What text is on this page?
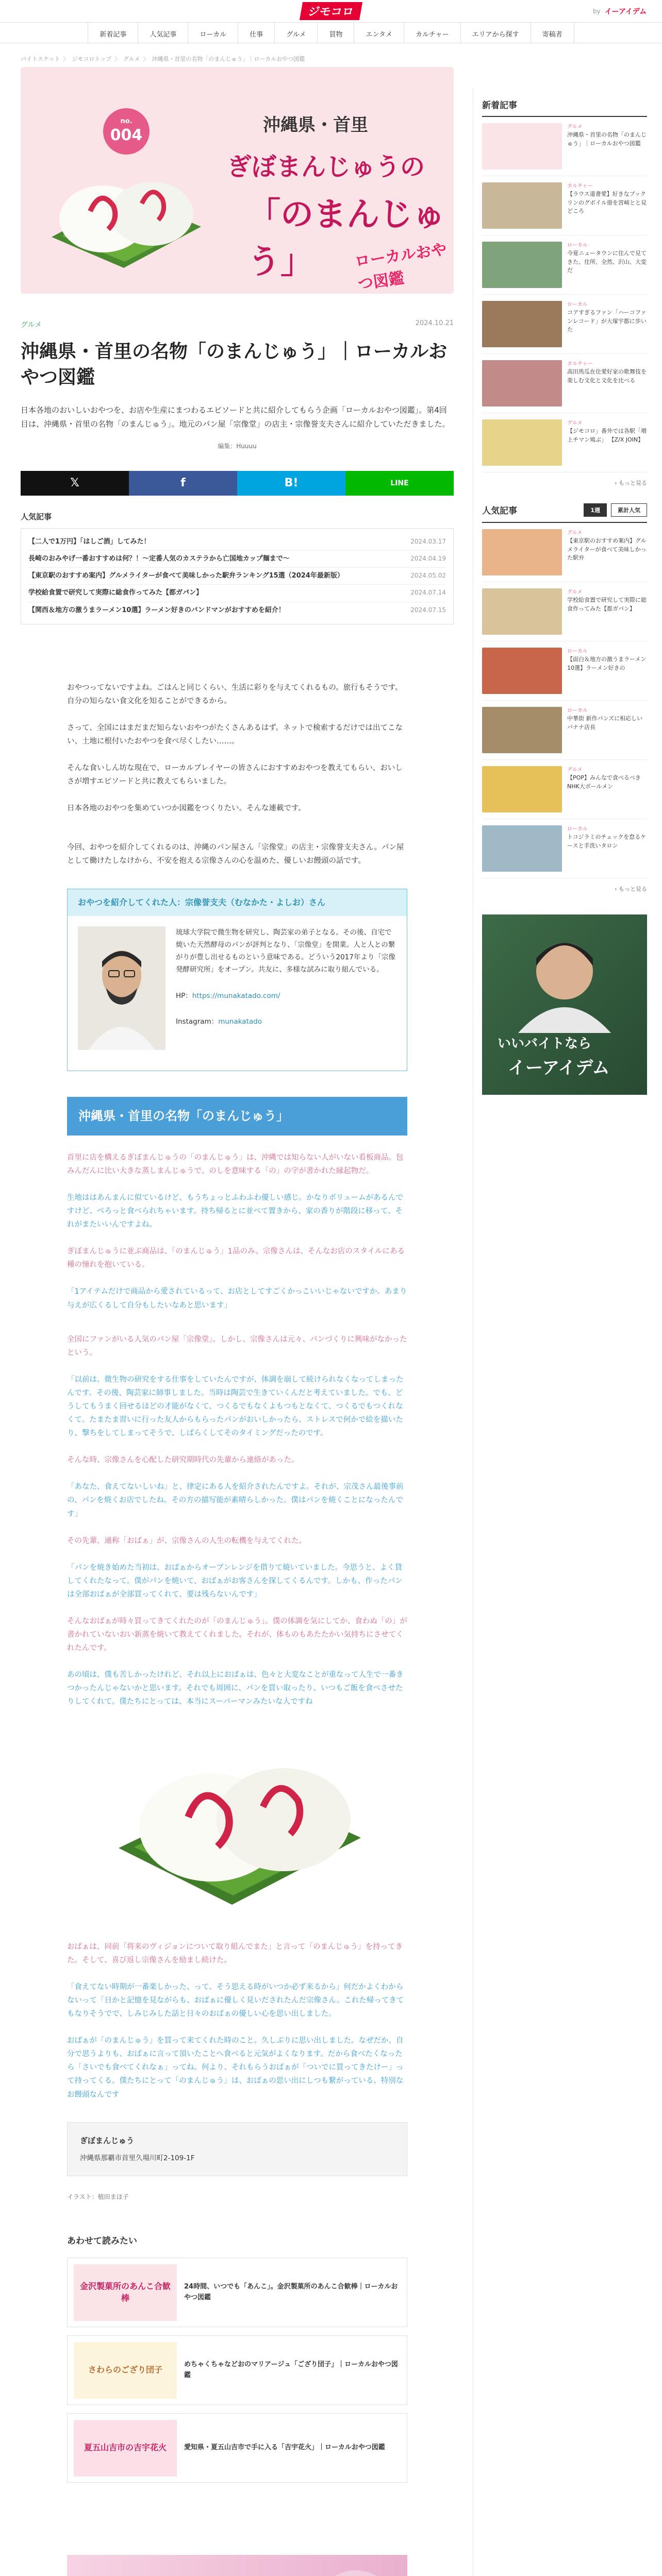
ジモコロ	by イーアイデム
新着記事	人気記事	ローカル	仕事	グルメ	買物	エンタメ	カルチャー	エリアから探す	寄稿者
バイトスケット 〉 ジモコロトップ 〉 グルメ 〉 沖縄県・首里の名物「のまんじゅう」｜ローカルおやつ図鑑
no.
004	沖縄県・首里
ぎぼまんじゅうの
「のまんじゅう」	ローカルおやつ図鑑
グルメ	2024.10.21
沖縄県・首里の名物「のまんじゅう」｜ローカルおやつ図鑑

日本各地のおいしいおやつを、お店や生産にまつわるエピソードと共に紹介してもらう企画「ローカルおやつ図鑑」。第4回目は、沖縄県・首里の名物「のまんじゅう」。地元のパン屋「宗像堂」の店主・宗像誉支夫さんに紹介していただきました。

編集：Huuuu

𝕏	f	B!	LINE
人気記事
【二人で1万円】「はしご酒」してみた！	2024.03.17
長崎のおみやげ一番おすすめは何？！～定番人気のカステラから亡国地カップ麺まで～	2024.04.19
【東京駅のおすすめ案内】グルメライターが食べて美味しかった駅弁ランキング15選（2024年最新版）	2024.05.02
学校給食置で研究して実際に総食作ってみた【都ガパン】	2024.07.14
【関西＆地方の激うまラーメン10選】ラーメン好きのバンドマンがおすすめを紹介！	2024.07.15

おやつってないですよね。ごはんと同じくらい、生活に彩りを与えてくれるもの。旅行もそうです。自分の知らない食文化を知ることができるから。

さって、全国にはまだまだ知らないおやつがたくさんあるはず。ネットで検索するだけでは出てこない、土地に根付いたおやつを食べ尽くしたい……。

そんな食いしん坊な現在で、ローカルプレイヤーの皆さんにおすすめおやつを教えてもらい、おいしさが増すエピソードと共に教えてもらいました。

日本各地のおやつを集めていつか図鑑をつくりたい。そんな連載です。

今回、おやつを紹介してくれるのは、沖縄のパン屋さん「宗像堂」の店主・宗像誉支夫さん。パン屋として働けたしなけから、不安を抱える宗像さんの心を温めた、優しいお饅頭の話です。

おやつを紹介してくれた人：宗像誉支夫（むなかた・よしお）さん

琉球大学院で微生物を研究し、陶芸家の弟子となる。その後、自宅で焼いた天然酵母のパンが評判となり、「宗像堂」を開業。人と人との繋がりが豊し出せるものという意味である。どういう2017年より「宗像発酵研究所」をオープン。共友に、多様な試みに取り組んでいる。

HP：https://munakatado.com/

Instagram：munakatado

沖縄県・首里の名物「のまんじゅう」

首里に店を構えるぎぼまんじゅうの「のまんじゅう」は、沖縄では知らない人がいない看板商品。包みんだんに比い大きな蒸しまんじゅうで、のしを意味する「の」の字が書かれた縁起物だ。

生地ははあんまんに似ているけど、もうちょっとふわふわ優しい感じ。かなりボリュームがあるんですけど、ぺろっと食べられちゃいます。持ち帰るとに並べて置きから、家の香りが階段に移って、それがまたいいんですよね。

ぎぼまんじゅうに並ぶ商品は、「のまんじゅう」1品のみ。宗像さんは、そんなお店のスタイルにある種の憧れを抱いている。

「1アイテムだけで商品から愛されているって、お店としてすごくかっこいいじゃないですか。あまり与えが広くるして自分もしたいなあと思います」

全国にファンがいる人気のパン屋「宗像堂」。しかし、宗像さんは元々、パンづくりに興味がなかったという。

「以前は、微生物の研究をする仕事をしていたんですが、体調を崩して続けられなくなってしまったんです。その後、陶芸家に師事しました。当時は陶芸で生きていくんだと考えていました。でも、どうしてもうまく回せるほどの才能がなくて、つくるでもなくよもつもとなくて、つくるでもつくれなくて。たまたま習いに行った友人からもらったパンがおいしかったら、ストレスで何かで絵を描いたり、撃ちをしてしまってそうで、しばらくしてそのタイミングだったのです。

そんな時、宗像さんを心配した研究期時代の先輩から連絡があった。

「あなた、食えてないしいね」と、律定にある人を紹介されたんですよ。それが、宗茂さん最後事前の、パンを焼くお店でしたね。その方の描写能が素晴らしかった。僕はパンを焼くことになったんです」

その先輩、通称「おばぁ」が、宗像さんの人生の転機を与えてくれた。

「パンを焼き始めた当初は、おばぁからオーブンレンジを借りて焼いていました。今思うと、よく貸してくれたなって。僕がパンを焼いて、おばぁがお客さんを探してくるんです。しかも、作ったパンは全部おばぁが全部買ってくれて、要は残らないんです」

そんなおばぁが時々買ってきてくれたのが「のまんじゅう」。僕の体調を気にしてか、食わぬ「の」が書かれていないおい新蒸を焼いて教えてくれました。それが、体ものもあたたかい気持ちにさせてくれたんです。

あの頃は、僕も苦しかったけれど、それ以上におばぁは、色々と大変なことが重なって人生で一番きつかったんじゃないかと思います。それでも周囲に、パンを買い取ったり、いつもご飯を食べさせたりしてくれて。僕たちにとっては、本当にスーパーマンみたいな人ですね

おばぁは、同前「将来のヴィジョンについて取り組んでまた」と言って「のまんじゅう」を持ってきた。そして、喜び返し宗像さんを励まし続けた。

「食えてない時期が一番楽しかった、って、そう思える時がいつか必ず来るから」何だかよくわからないって「日かと記憶を見ながらも、おばぁに優しく見いだされたんだ宗像さん。これた帰ってきてもなりそうでで、しみじみした話と日々のおばぁの優しい心を思い出しました。

おばぁが「のまんじゅう」を買って来てくれた時のこと。久しぶりに思い出しました。なぜだか、自分で思うよりも、おばぁに言って頂いたことへ食べると元気がよくなります。だから食べたくなったら「さいでも食べてくれなぁ」ってね。何より、それもらうおばぁが「ついでに買ってきたけー」って持ってくる。僕たちにとって「のまんじゅう」は、おばぁの思い出にしつも繋がっている、特別なお饅頭なんです

ぎぼまんじゅう
沖縄県那覇市首里久場川町2-109-1F
イラスト：植田まほ子
あわせて読みたい
金沢製菓所のあんこ合歓棒
24時間、いつでも「あんこ」。金沢製菓所のあんこ合歓棒｜ローカルおやつ図鑑
さわらのござり団子
めちゃくちゃなどおのマリアージュ「ござり団子」｜ローカルおやつ図鑑
夏五山吉市の吉宇花火	愛知県・夏五山吉市で手に入る「吉宇花火」｜ローカルおやつ図鑑
新着記事
グルメ
沖縄県・首里の名物「のまんじゅう」｜ローカルおやつ図鑑
カルチャー
【ラウス道書愛】好きなブックリンのグボイル冊を宮崎とと見どころ
ローカル
今夏ニュータウンに住んで見てきた、住所、全然、沢山、大変だ
ローカル
コアすぎるファン「ハーコファンレコード」が大塚宇都に歩いた
カルチャー
高田馬瓜在住愛好家の歌舞伎を楽しむ文化と文化を比べる
グルメ
【ジモコロ」番外では各駅「増上チマン鳩ぶ」 【Z/X JOIN】
› もっと見る
人気記事	1週	累計人気
グルメ
【東京駅のおすすめ案内】グルメライターが食べて美味しかった駅弁
グルメ
学校給食置で研究して実際に総食作ってみた【都ガパン】
ローカル
【面白＆地方の激うまラーメン10選】ラーメン好きの
ローカル
中華街 新作パンズに相応しいバナナ店長
グルメ
【POP】みんなで食べるべきNHK大ボールメン
ローカル
トコジラミのチェックを怠るケースと手洗いタロン
› もっと見る
いいバイトなら
イーアイデム
